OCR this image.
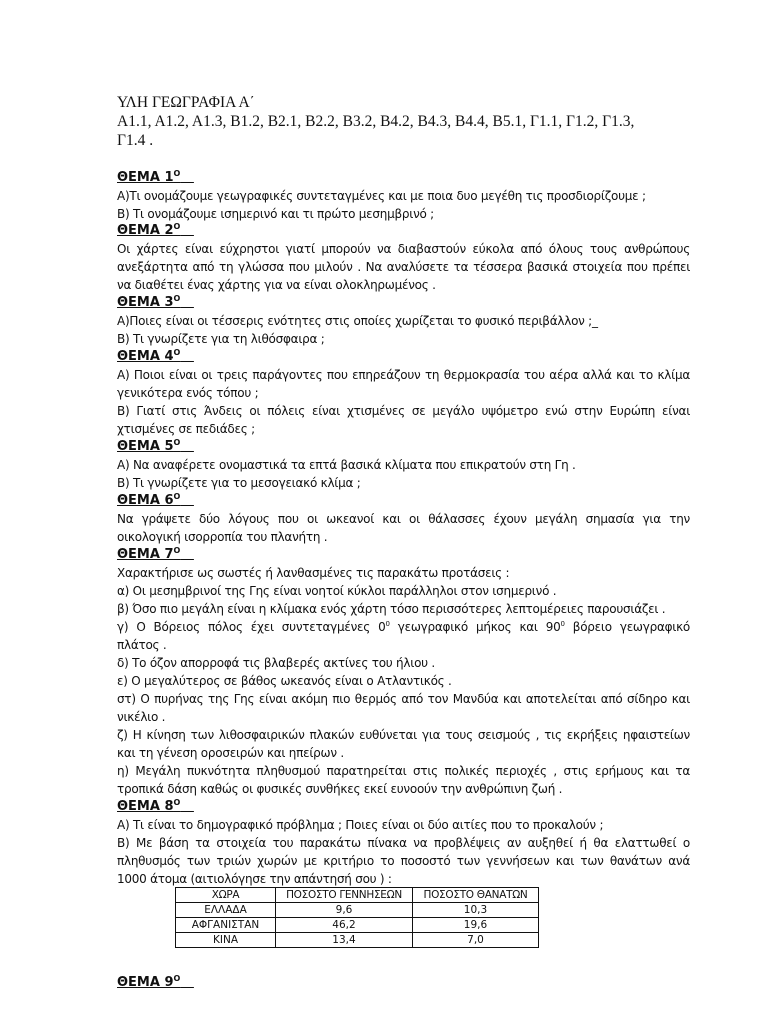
ΥΛΗ ΓΕΩΓΡΑΦΙΑ Α΄
Α1.1, Α1.2, Α1.3, Β1.2, Β2.1, Β2.2, Β3.2, Β4.2, Β4.3, Β4.4, Β5.1, Γ1.1, Γ1.2, Γ1.3,
Γ1.4 .
ΘΕΜΑ $1^O$
Α)Τι ονομάζουμε γεωγραφικές συντεταγμένες και με ποια δυο μεγέθη τις προσδιορίζουμε ;
Β) Τι ονομάζουμε ισημερινό και τι πρώτο μεσημβρινό ;
ΘΕΜΑ $2^O$
Οι χάρτες είναι εύχρηστοι γιατί μπορούν να διαβαστούν εύκολα από όλους τους ανθρώπους
ανεξάρτητα από τη γλώσσα που μιλούν . Να αναλύσετε τα τέσσερα βασικά στοιχεία που πρέπει
να διαθέτει ένας χάρτης για να είναι ολοκληρωμένος .
ΘΕΜΑ $3^O$
Α)Ποιες είναι οι τέσσερις ενότητες στις οποίες χωρίζεται το φυσικό περιβάλλον ;_
Β) Τι γνωρίζετε για τη λιθόσφαιρα ;
ΘΕΜΑ $4^O$
Α) Ποιοι είναι οι τρεις παράγοντες που επηρεάζουν τη θερμοκρασία του αέρα αλλά και το κλίμα
γενικότερα ενός τόπου ;
Β) Γιατί στις Άνδεις οι πόλεις είναι χτισμένες σε μεγάλο υψόμετρο ενώ στην Ευρώπη είναι
χτισμένες σε πεδιάδες ;
ΘΕΜΑ $5^O$
Α) Να αναφέρετε ονομαστικά τα επτά βασικά κλίματα που επικρατούν στη Γη .
Β) Τι γνωρίζετε για το μεσογειακό κλίμα ;
ΘΕΜΑ $6^O$
Να γράψετε δύο λόγους που οι ωκεανοί και οι θάλασσες έχουν μεγάλη σημασία για την
οικολογική ισορροπία του πλανήτη .
ΘΕΜΑ $7^O$
Χαρακτήρισε ως σωστές ή λανθασμένες τις παρακάτω προτάσεις :
α) Οι μεσημβρινοί της Γης είναι νοητοί κύκλοι παράλληλοι στον ισημερινό .
β) Όσο πιο μεγάλη είναι η κλίμακα ενός χάρτη τόσο περισσότερες λεπτομέρειες παρουσιάζει .
γ) Ο Βόρειος πόλος έχει συντεταγμένες $0^0$ γεωγραφικό μήκος και $90^0$ βόρειο γεωγραφικό
πλάτος .
δ) Το όζον απορροφά τις βλαβερές ακτίνες του ήλιου .
ε) Ο μεγαλύτερος σε βάθος ωκεανός είναι ο Ατλαντικός .
στ) Ο πυρήνας της Γης είναι ακόμη πιο θερμός από τον Μανδύα και αποτελείται από σίδηρο και
νικέλιο .
ζ) Η κίνηση των λιθοσφαιρικών πλακών ευθύνεται για τους σεισμούς , τις εκρήξεις ηφαιστείων
και τη γένεση οροσειρών και ηπείρων .
η) Μεγάλη πυκνότητα πληθυσμού παρατηρείται στις πολικές περιοχές , στις ερήμους και τα
τροπικά δάση καθώς οι φυσικές συνθήκες εκεί ευνοούν την ανθρώπινη ζωή .
ΘΕΜΑ $8^O$
Α) Τι είναι το δημογραφικό πρόβλημα ; Ποιες είναι οι δύο αιτίες που το προκαλούν ;
Β) Με βάση τα στοιχεία του παρακάτω πίνακα να προβλέψεις αν αυξηθεί ή θα ελαττωθεί ο
πληθυσμός των τριών χωρών με κριτήριο το ποσοστό των γεννήσεων και των θανάτων ανά
1000 άτομα (αιτιολόγησε την απάντησή σου ) :
ΧΩΡΑ	ΠΟΣΟΣΤΟ ΓΕΝΝΗΣΕΩΝ	ΠΟΣΟΣΤΟ ΘΑΝΑΤΩΝ
ΕΛΛΑΔΑ	9,6	10,3
ΑΦΓΑΝΙΣΤΑΝ	46,2	19,6
ΚΙΝΑ	13,4	7,0
ΘΕΜΑ $9^O$
